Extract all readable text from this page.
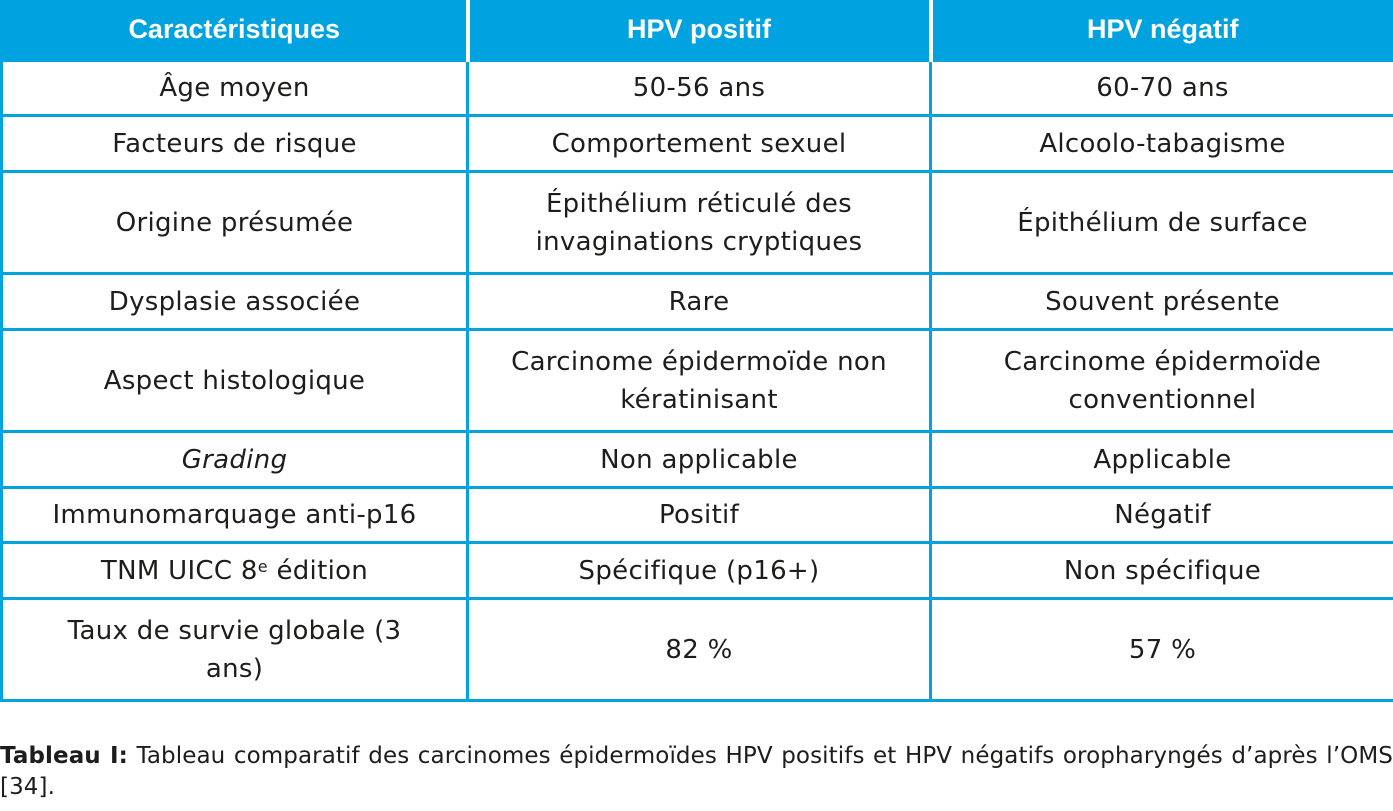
Caractéristiques	HPV positif	HPV négatif
Âge moyen	50-56 ans	60-70 ans
Facteurs de risque	Comportement sexuel	Alcoolo-tabagisme
Origine présumée	Épithélium réticulé des invaginations cryptiques	Épithélium de surface
Dysplasie associée	Rare	Souvent présente
Aspect histologique	Carcinome épidermoïde non kératinisant	Carcinome épidermoïde conventionnel
Grading	Non applicable	Applicable
Immunomarquage anti-p16	Positif	Négatif
TNM UICC 8e édition	Spécifique (p16+)	Non spécifique
Taux de survie globale (3 ans)	82 %	57 %
Tableau I: Tableau comparatif des carcinomes épidermoïdes HPV positifs et HPV négatifs oropharyngés d’après l’OMS [34].
